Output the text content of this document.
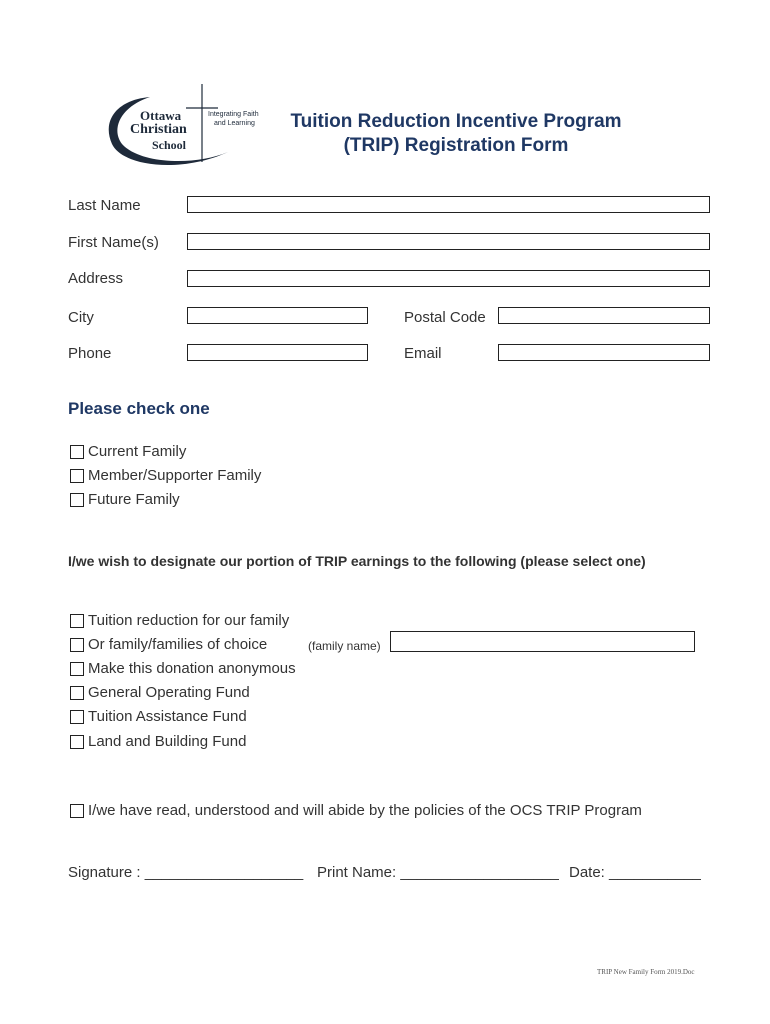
Ottawa
Christian
School
Integrating Faith
and Learning	Tuition Reduction Incentive Program
(TRIP) Registration Form
Last Name
First Name(s)
Address
City	Postal Code
Phone	Email
Please check one
Current Family
Member/Supporter Family
Future Family
I/we wish to designate our portion of TRIP earnings to the following (please select one)
Tuition reduction for our family
Or family/families of choice	(family name)
Make this donation anonymous
General Operating Fund
Tuition Assistance Fund
Land and Building Fund
I/we have read, understood and will abide by the policies of the OCS TRIP Program
Signature : ___________________ Print Name: ___________________ Date: ___________
TRIP New Family Form 2019.Doc
